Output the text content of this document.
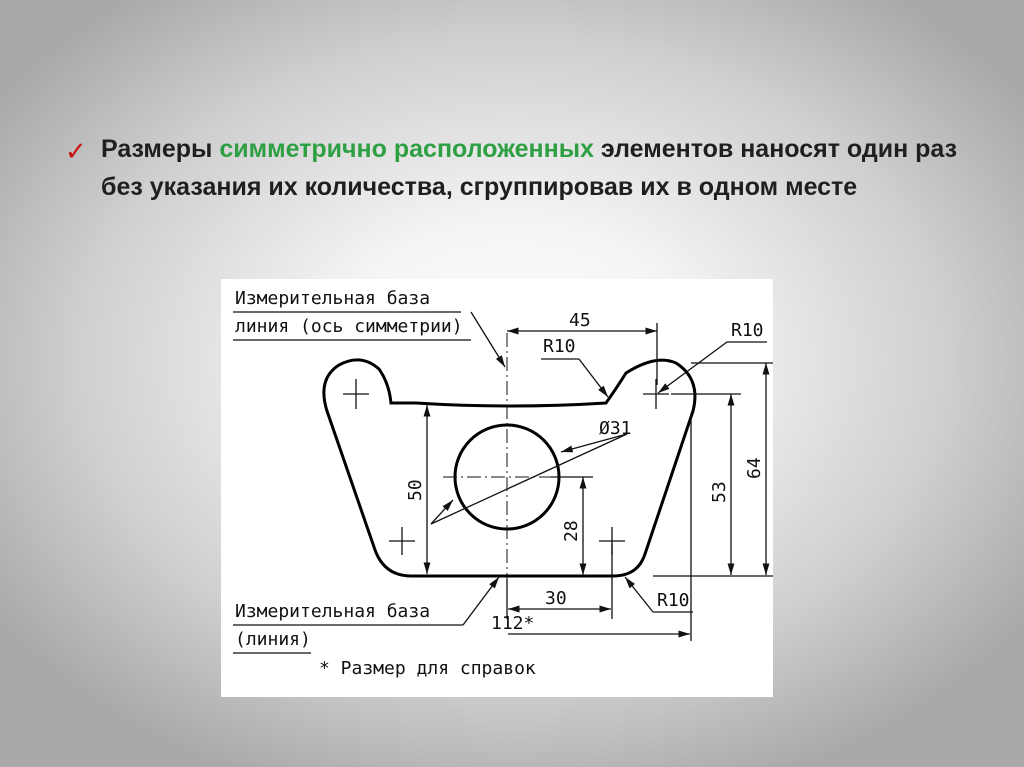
✓ Размеры симметрично расположенных элементов наносят один раз без указания их количества, сгруппировав их в одном месте
Измерительная база
линия (ось симметрии)	45
R10
R10
Ø31
50
28
53
64
30	R10
112*
Измерительная база
(линия)
* Размер для справок
